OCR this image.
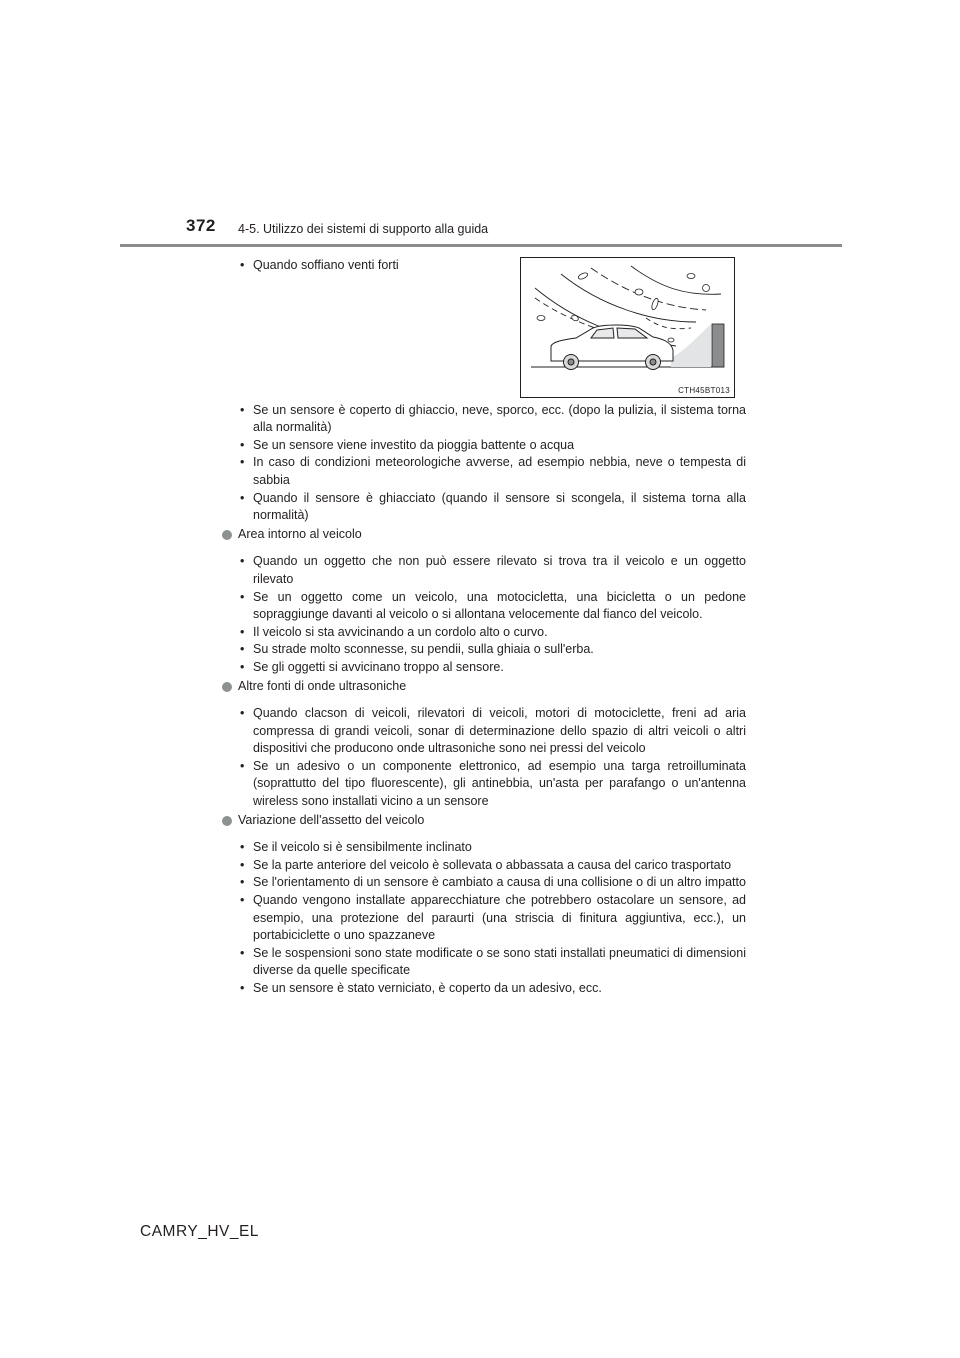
372 4-5. Utilizzo dei sistemi di supporto alla guida
CTH45BT013
• Quando soffiano venti forti
• Se un sensore è coperto di ghiaccio, neve, sporco, ecc. (dopo la pulizia, il sistema torna alla normalità)
• Se un sensore viene investito da pioggia battente o acqua
• In caso di condizioni meteorologiche avverse, ad esempio nebbia, neve o tempesta di sabbia
• Quando il sensore è ghiacciato (quando il sensore si scongela, il sistema torna alla normalità)
Area intorno al veicolo
• Quando un oggetto che non può essere rilevato si trova tra il veicolo e un oggetto rilevato
• Se un oggetto come un veicolo, una motocicletta, una bicicletta o un pedone sopraggiunge davanti al veicolo o si allontana velocemente dal fianco del veicolo.
• Il veicolo si sta avvicinando a un cordolo alto o curvo.
• Su strade molto sconnesse, su pendii, sulla ghiaia o sull'erba.
• Se gli oggetti si avvicinano troppo al sensore.
Altre fonti di onde ultrasoniche
• Quando clacson di veicoli, rilevatori di veicoli, motori di motociclette, freni ad aria compressa di grandi veicoli, sonar di determinazione dello spazio di altri veicoli o altri dispositivi che producono onde ultrasoniche sono nei pressi del veicolo
• Se un adesivo o un componente elettronico, ad esempio una targa retroilluminata (soprattutto del tipo fluorescente), gli antinebbia, un'asta per parafango o un'antenna wireless sono installati vicino a un sensore
Variazione dell'assetto del veicolo
• Se il veicolo si è sensibilmente inclinato
• Se la parte anteriore del veicolo è sollevata o abbassata a causa del carico trasportato
• Se l'orientamento di un sensore è cambiato a causa di una collisione o di un altro impatto
• Quando vengono installate apparecchiature che potrebbero ostacolare un sensore, ad esempio, una protezione del paraurti (una striscia di finitura aggiuntiva, ecc.), un portabiciclette o uno spazzaneve
• Se le sospensioni sono state modificate o se sono stati installati pneumatici di dimensioni diverse da quelle specificate
• Se un sensore è stato verniciato, è coperto da un adesivo, ecc.
CAMRY_HV_EL
